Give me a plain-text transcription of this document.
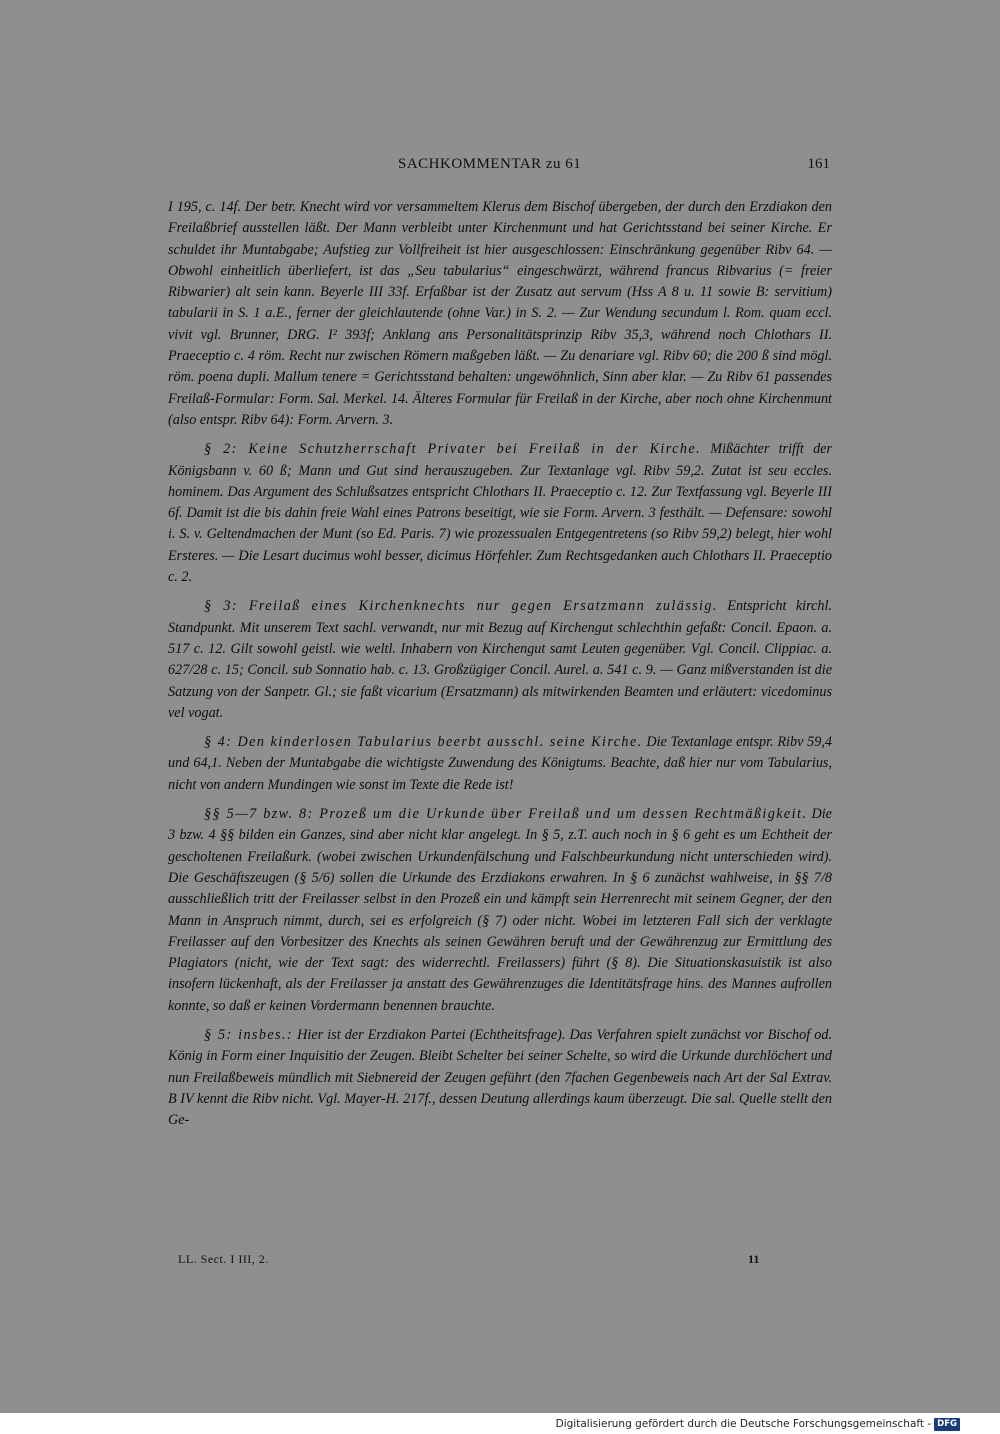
SACHKOMMENTAR zu 61	161

I 195, c. 14f. Der betr. Knecht wird vor versammeltem Klerus dem Bischof übergeben, der durch den Erzdiakon den Freilaßbrief ausstellen läßt. Der Mann verbleibt unter Kirchenmunt und hat Gerichtsstand bei seiner Kirche. Er schuldet ihr Muntabgabe; Aufstieg zur Vollfreiheit ist hier ausgeschlossen: Einschränkung gegenüber Ribv 64. — Obwohl einheitlich überliefert, ist das „Seu tabularius“ eingeschwärzt, während francus Ribvarius (= freier Ribwarier) alt sein kann. Beyerle III 33f. Erfaßbar ist der Zusatz aut servum (Hss A 8 u. 11 sowie B: servitium) tabularii in S. 1 a.E., ferner der gleichlautende (ohne Var.) in S. 2. — Zur Wendung secundum l. Rom. quam eccl. vivit vgl. Brunner, DRG. I² 393f; Anklang ans Personalitätsprinzip Ribv 35,3, während noch Chlothars II. Praeceptio c. 4 röm. Recht nur zwischen Römern maßgeben läßt. — Zu denariare vgl. Ribv 60; die 200 ß sind mögl. röm. poena dupli. Mallum tenere = Gerichtsstand behalten: ungewöhnlich, Sinn aber klar. — Zu Ribv 61 passendes Freilaß-Formular: Form. Sal. Merkel. 14. Älteres Formular für Freilaß in der Kirche, aber noch ohne Kirchenmunt (also entspr. Ribv 64): Form. Arvern. 3.

§ 2: Keine Schutzherrschaft Privater bei Freilaß in der Kirche. Mißächter trifft der Königsbann v. 60 ß; Mann und Gut sind herauszugeben. Zur Textanlage vgl. Ribv 59,2. Zutat ist seu eccles. hominem. Das Argument des Schlußsatzes entspricht Chlothars II. Praeceptio c. 12. Zur Textfassung vgl. Beyerle III 6f. Damit ist die bis dahin freie Wahl eines Patrons beseitigt, wie sie Form. Arvern. 3 festhält. — Defensare: sowohl i. S. v. Geltendmachen der Munt (so Ed. Paris. 7) wie prozessualen Entgegentretens (so Ribv 59,2) belegt, hier wohl Ersteres. — Die Lesart ducimus wohl besser, dicimus Hörfehler. Zum Rechtsgedanken auch Chlothars II. Praeceptio c. 2.

§ 3: Freilaß eines Kirchenknechts nur gegen Ersatzmann zulässig. Entspricht kirchl. Standpunkt. Mit unserem Text sachl. verwandt, nur mit Bezug auf Kirchengut schlechthin gefaßt: Concil. Epaon. a. 517 c. 12. Gilt sowohl geistl. wie weltl. Inhabern von Kirchengut samt Leuten gegenüber. Vgl. Concil. Clippiac. a. 627/28 c. 15; Concil. sub Sonnatio hab. c. 13. Großzügiger Concil. Aurel. a. 541 c. 9. — Ganz mißverstanden ist die Satzung von der Sanpetr. Gl.; sie faßt vicarium (Ersatzmann) als mitwirkenden Beamten und erläutert: vicedominus vel vogat.

§ 4: Den kinderlosen Tabularius beerbt ausschl. seine Kirche. Die Textanlage entspr. Ribv 59,4 und 64,1. Neben der Muntabgabe die wichtigste Zuwendung des Königtums. Beachte, daß hier nur vom Tabularius, nicht von andern Mundingen wie sonst im Texte die Rede ist!

§§ 5—7 bzw. 8: Prozeß um die Urkunde über Freilaß und um dessen Rechtmäßigkeit. Die 3 bzw. 4 §§ bilden ein Ganzes, sind aber nicht klar angelegt. In § 5, z.T. auch noch in § 6 geht es um Echtheit der gescholtenen Freilaßurk. (wobei zwischen Urkundenfälschung und Falschbeurkundung nicht unterschieden wird). Die Geschäftszeugen (§ 5/6) sollen die Urkunde des Erzdiakons erwahren. In § 6 zunächst wahlweise, in §§ 7/8 ausschließlich tritt der Freilasser selbst in den Prozeß ein und kämpft sein Herrenrecht mit seinem Gegner, der den Mann in Anspruch nimmt, durch, sei es erfolgreich (§ 7) oder nicht. Wobei im letzteren Fall sich der verklagte Freilasser auf den Vorbesitzer des Knechts als seinen Gewähren beruft und der Gewährenzug zur Ermittlung des Plagiators (nicht, wie der Text sagt: des widerrechtl. Freilassers) führt (§ 8). Die Situationskasuistik ist also insofern lückenhaft, als der Freilasser ja anstatt des Gewährenzuges die Identitätsfrage hins. des Mannes aufrollen konnte, so daß er keinen Vordermann benennen brauchte.

§ 5: insbes.: Hier ist der Erzdiakon Partei (Echtheitsfrage). Das Verfahren spielt zunächst vor Bischof od. König in Form einer Inquisitio der Zeugen. Bleibt Schelter bei seiner Schelte, so wird die Urkunde durchlöchert und nun Freilaßbeweis mündlich mit Siebnereid der Zeugen geführt (den 7fachen Gegenbeweis nach Art der Sal Extrav. B IV kennt die Ribv nicht. Vgl. Mayer-H. 217f., dessen Deutung allerdings kaum überzeugt. Die sal. Quelle stellt den Ge-

LL. Sect. I III, 2.	11
Digitalisierung gefördert durch die Deutsche Forschungsgemeinschaft - DFG
